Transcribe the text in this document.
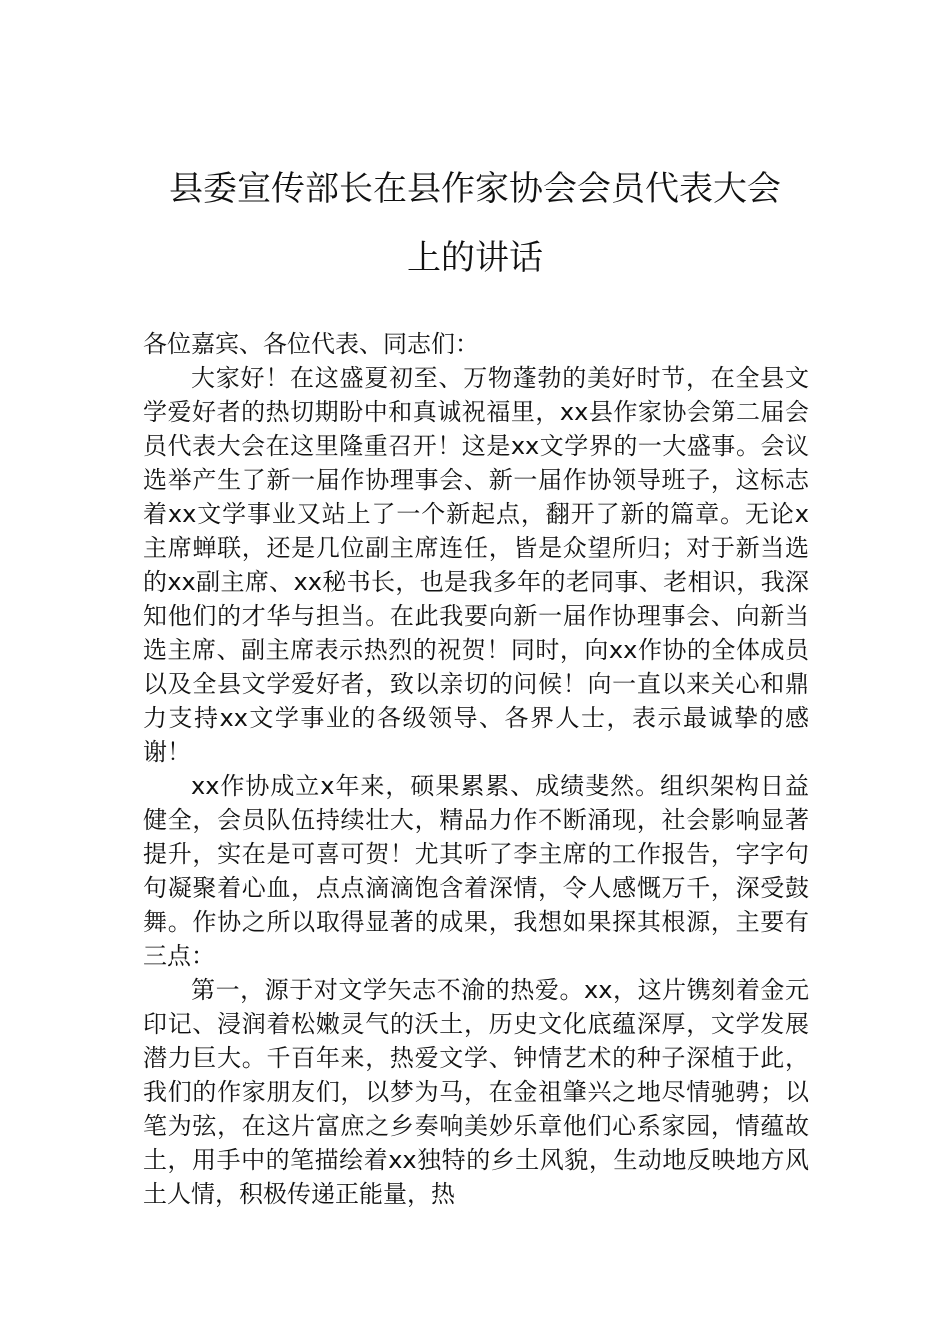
县委宣传部长在县作家协会会员代表大会
上的讲话

各位嘉宾、各位代表、同志们：

大家好！在这盛夏初至、万物蓬勃的美好时节，在全县文学爱好者的热切期盼中和真诚祝福里，xx县作家协会第二届会员代表大会在这里隆重召开！这是xx文学界的一大盛事。会议选举产生了新一届作协理事会、新一届作协领导班子，这标志着xx文学事业又站上了一个新起点，翻开了新的篇章。无论x主席蝉联，还是几位副主席连任，皆是众望所归；对于新当选的xx副主席、xx秘书长，也是我多年的老同事、老相识，我深知他们的才华与担当。在此我要向新一届作协理事会、向新当选主席、副主席表示热烈的祝贺！同时，向xx作协的全体成员以及全县文学爱好者，致以亲切的问候！向一直以来关心和鼎力支持xx文学事业的各级领导、各界人士，表示最诚挚的感谢！

xx作协成立x年来，硕果累累、成绩斐然。组织架构日益健全，会员队伍持续壮大，精品力作不断涌现，社会影响显著提升，实在是可喜可贺！尤其听了李主席的工作报告，字字句句凝聚着心血，点点滴滴饱含着深情，令人感慨万千，深受鼓舞。作协之所以取得显著的成果，我想如果探其根源，主要有三点：

第一，源于对文学矢志不渝的热爱。xx，这片镌刻着金元印记、浸润着松嫩灵气的沃土，历史文化底蕴深厚，文学发展潜力巨大。千百年来，热爱文学、钟情艺术的种子深植于此，我们的作家朋友们，以梦为马，在金祖肇兴之地尽情驰骋；以笔为弦，在这片富庶之乡奏响美妙乐章他们心系家园，情蕴故土，用手中的笔描绘着xx独特的乡土风貌，生动地反映地方风土人情，积极传递正能量，热
